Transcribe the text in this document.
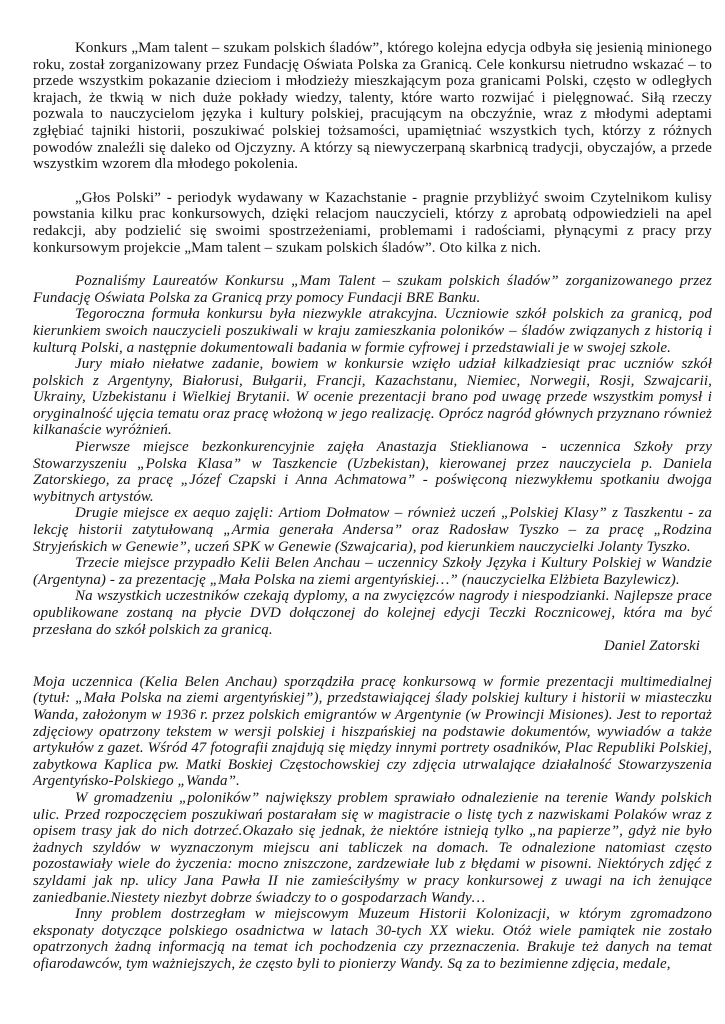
Konkurs „Mam talent – szukam polskich śladów”, którego kolejna edycja odbyła się jesienią minionego roku, został zorganizowany przez Fundację Oświata Polska za Granicą. Cele konkursu nietrudno wskazać – to przede wszystkim pokazanie dzieciom i młodzieży mieszkającym poza granicami Polski, często w odległych krajach, że tkwią w nich duże pokłady wiedzy, talenty, które warto rozwijać i pielęgnować. Siłą rzeczy pozwala to nauczycielom języka i kultury polskiej, pracującym na obczyźnie, wraz z młodymi adeptami zgłębiać tajniki historii, poszukiwać polskiej tożsamości, upamiętniać wszystkich tych, którzy z różnych powodów znaleźli się daleko od Ojczyzny. A którzy są niewyczerpaną skarbnicą tradycji, obyczajów, a przede wszystkim wzorem dla młodego pokolenia.

„Głos Polski” - periodyk wydawany w Kazachstanie - pragnie przybliżyć swoim Czytelnikom kulisy powstania kilku prac konkursowych, dzięki relacjom nauczycieli, którzy z aprobatą odpowiedzieli na apel redakcji, aby podzielić się swoimi spostrzeżeniami, problemami i radościami, płynącymi z pracy przy konkursowym projekcie „Mam talent – szukam polskich śladów”. Oto kilka z nich.

Poznaliśmy Laureatów Konkursu „Mam Talent – szukam polskich śladów” zorganizowanego przez Fundację Oświata Polska za Granicą przy pomocy Fundacji BRE Banku.

Tegoroczna formuła konkursu była niezwykle atrakcyjna. Uczniowie szkół polskich za granicą, pod kierunkiem swoich nauczycieli poszukiwali w kraju zamieszkania poloników – śladów związanych z historią i kulturą Polski, a następnie dokumentowali badania w formie cyfrowej i przedstawiali je w swojej szkole.

Jury miało niełatwe zadanie, bowiem w konkursie wzięło udział kilkadziesiąt prac uczniów szkół polskich z Argentyny, Białorusi, Bułgarii, Francji, Kazachstanu, Niemiec, Norwegii, Rosji, Szwajcarii, Ukrainy, Uzbekistanu i Wielkiej Brytanii. W ocenie prezentacji brano pod uwagę przede wszystkim pomysł i oryginalność ujęcia tematu oraz pracę włożoną w jego realizację. Oprócz nagród głównych przyznano również kilkanaście wyróżnień.

Pierwsze miejsce bezkonkurencyjnie zajęła Anastazja Stieklianowa - uczennica Szkoły przy Stowarzyszeniu „Polska Klasa” w Taszkencie (Uzbekistan), kierowanej przez nauczyciela p. Daniela Zatorskiego, za pracę „Józef Czapski i Anna Achmatowa” - poświęconą niezwykłemu spotkaniu dwojga wybitnych artystów.

Drugie miejsce ex aequo zajęli: Artiom Dołmatow – również uczeń „Polskiej Klasy” z Taszkentu - za lekcję historii zatytułowaną „Armia generała Andersa” oraz Radosław Tyszko – za pracę „Rodzina Stryjeńskich w Genewie”, uczeń SPK w Genewie (Szwajcaria), pod kierunkiem nauczycielki Jolanty Tyszko.

Trzecie miejsce przypadło Kelii Belen Anchau – uczennicy Szkoły Języka i Kultury Polskiej w Wandzie (Argentyna) - za prezentację „Mała Polska na ziemi argentyńskiej…” (nauczycielka Elżbieta Bazylewicz).

Na wszystkich uczestników czekają dyplomy, a na zwycięzców nagrody i niespodzianki. Najlepsze prace opublikowane zostaną na płycie DVD dołączonej do kolejnej edycji Teczki Rocznicowej, która ma być przesłana do szkół polskich za granicą.

Daniel Zatorski

Moja uczennica (Kelia Belen Anchau) sporządziła pracę konkursową w formie prezentacji multimedialnej (tytuł: „Mała Polska na ziemi argentyńskiej”), przedstawiającej ślady polskiej kultury i historii w miasteczku Wanda, założonym w 1936 r. przez polskich emigrantów w Argentynie (w Prowincji Misiones). Jest to reportaż zdjęciowy opatrzony tekstem w wersji polskiej i hiszpańskiej na podstawie dokumentów, wywiadów a także artykułów z gazet. Wśród 47 fotografii znajdują się między innymi portrety osadników, Plac Republiki Polskiej, zabytkowa Kaplica pw. Matki Boskiej Częstochowskiej czy zdjęcia utrwalające działalność Stowarzyszenia Argentyńsko-Polskiego „Wanda”.

W gromadzeniu „poloników” największy problem sprawiało odnalezienie na terenie Wandy polskich ulic. Przed rozpoczęciem poszukiwań postarałam się w magistracie o listę tych z nazwiskami Polaków wraz z opisem trasy jak do nich dotrzeć.Okazało się jednak, że niektóre istnieją tylko „na papierze”, gdyż nie było żadnych szyldów w wyznaczonym miejscu ani tabliczek na domach. Te odnalezione natomiast często pozostawiały wiele do życzenia: mocno zniszczone, zardzewiałe lub z błędami w pisowni. Niektórych zdjęć z szyldami jak np. ulicy Jana Pawła II nie zamieściłyśmy w pracy konkursowej z uwagi na ich żenujące zaniedbanie.Niestety niezbyt dobrze świadczy to o gospodarzach Wandy…

Inny problem dostrzegłam w miejscowym Muzeum Historii Kolonizacji, w którym zgromadzono eksponaty dotyczące polskiego osadnictwa w latach 30-tych XX wieku. Otóż wiele pamiątek nie zostało opatrzonych żadną informacją na temat ich pochodzenia czy przeznaczenia. Brakuje też danych na temat ofiarodawców, tym ważniejszych, że często byli to pionierzy Wandy. Są za to bezimienne zdjęcia, medale,
